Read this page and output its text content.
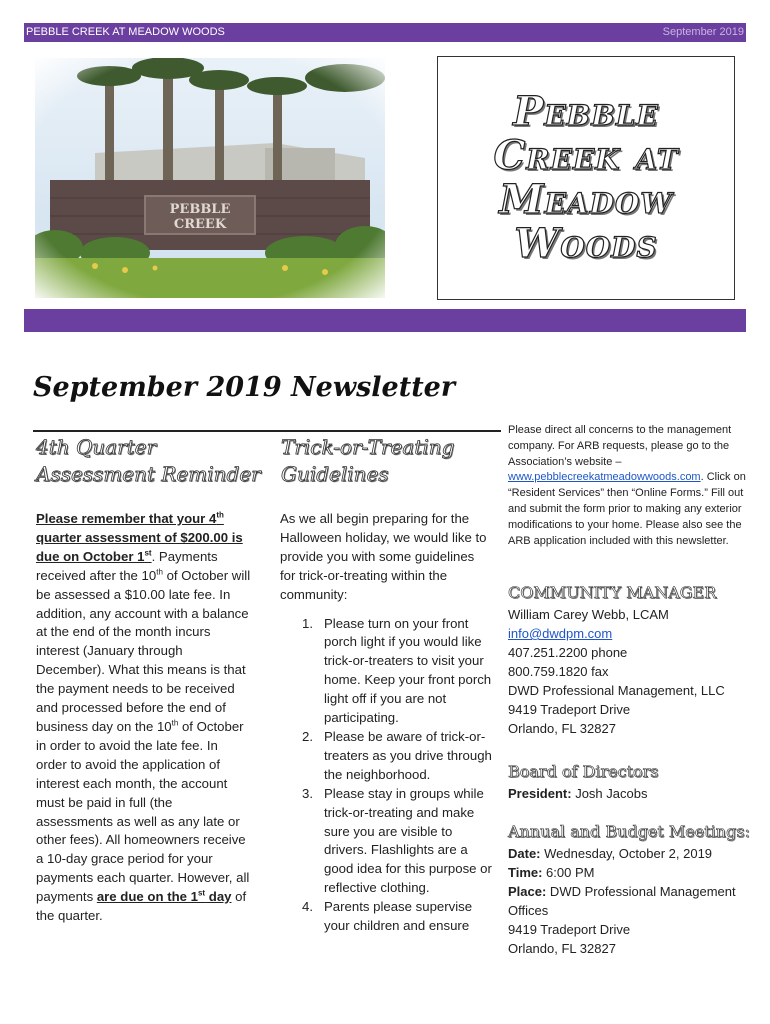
PEBBLE CREEK AT MEADOW WOODS	September 2019
Pebble
Creek at
Meadow
Woods
September 2019 Newsletter
4th Quarter
Assessment Reminder
Please remember that your 4th quarter assessment of $200.00 is due on October 1st. Payments received after the 10th of October will be assessed a $10.00 late fee. In addition, any account with a balance at the end of the month incurs interest (January through December). What this means is that the payment needs to be received and processed before the end of business day on the 10th of October in order to avoid the late fee. In order to avoid the application of interest each month, the account must be paid in full (the assessments as well as any late or other fees). All homeowners receive a 10-day grace period for your payments each quarter. However, all payments are due on the 1st day of the quarter.
Trick-or-Treating
Guidelines
As we all begin preparing for the Halloween holiday, we would like to provide you with some guidelines for trick-or-treating within the community:
1. Please turn on your front porch light if you would like trick-or-treaters to visit your home. Keep your front porch light off if you are not participating.
2. Please be aware of trick-or-treaters as you drive through the neighborhood.
3. Please stay in groups while trick-or-treating and make sure you are visible to drivers. Flashlights are a good idea for this purpose or reflective clothing.
4. Parents please supervise your children and ensure
Please direct all concerns to the management company. For ARB requests, please go to the Association’s website – www.pebblecreekatmeadowwoods.com. Click on “Resident Services” then “Online Forms.” Fill out and submit the form prior to making any exterior modifications to your home. Please also see the ARB application included with this newsletter.
COMMUNITY MANAGER
William Carey Webb, LCAM
info@dwdpm.com
407.251.2200 phone
800.759.1820 fax
DWD Professional Management, LLC
9419 Tradeport Drive
Orlando, FL 32827
Board of Directors
President: Josh Jacobs
Annual and Budget Meetings:
Date: Wednesday, October 2, 2019
Time: 6:00 PM
Place: DWD Professional Management Offices
9419 Tradeport Drive
Orlando, FL 32827
